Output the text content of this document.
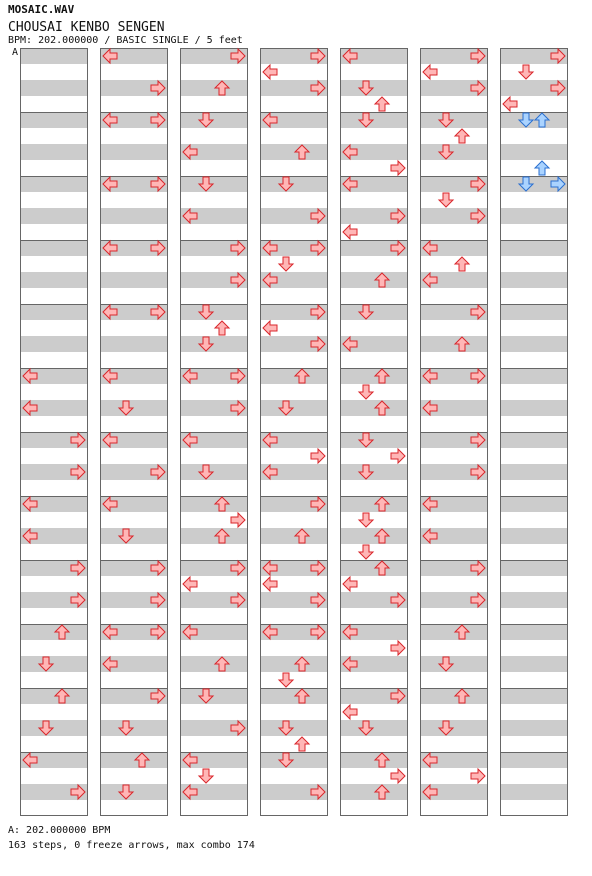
MOSAIC.WAV
CHOUSAI KENBO SENGEN
BPM: 202.000000 / BASIC SINGLE / 5 feet
A
A: 202.000000 BPM
163 steps, 0 freeze arrows, max combo 174
